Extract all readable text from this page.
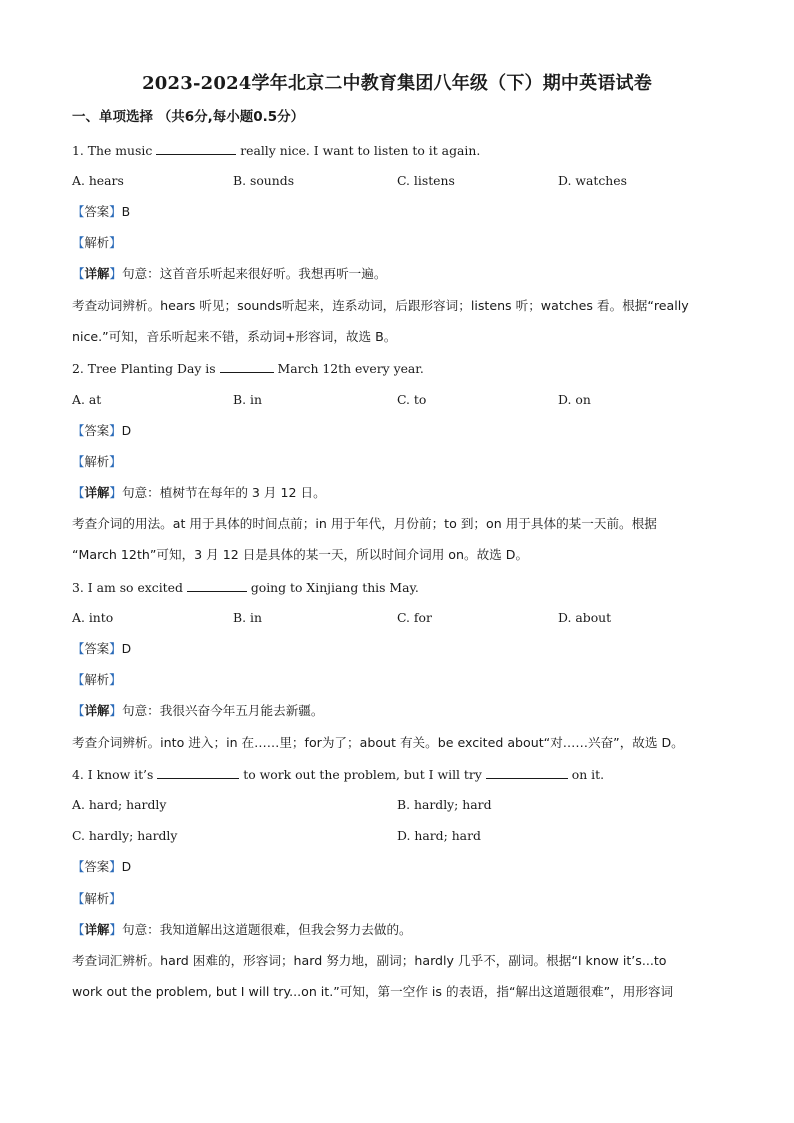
2023-2024学年北京二中教育集团八年级（下）期中英语试卷
一、单项选择 （共6分,每小题0.5分）
1. The music	really nice. I want to listen to it again.
A. hears	B. sounds	C. listens	D. watches
【答案】B
【解析】
【详解】句意：这首音乐听起来很好听。我想再听一遍。
考查动词辨析。hears 听见；sounds听起来，连系动词，后跟形容词；listens 听；watches 看。根据“really
nice.”可知，音乐听起来不错，系动词+形容词，故选 B。
2. Tree Planting Day is	March 12th every year.
A. at	B. in	C. to	D. on
【答案】D
【解析】
【详解】句意：植树节在每年的 3 月 12 日。
考查介词的用法。at 用于具体的时间点前；in 用于年代，月份前；to 到；on 用于具体的某一天前。根据
“March 12th”可知，3 月 12 日是具体的某一天，所以时间介词用 on。故选 D。
3. I am so excited	going to Xinjiang this May.
A. into	B. in	C. for	D. about
【答案】D
【解析】
【详解】句意：我很兴奋今年五月能去新疆。
考查介词辨析。into 进入；in 在……里；for为了；about 有关。be excited about“对……兴奋”，故选 D。
4. I know it’s	to work out the problem, but I will try	on it.
A. hard; hardly	B. hardly; hard
C. hardly; hardly	D. hard; hard
【答案】D
【解析】
【详解】句意：我知道解出这道题很难，但我会努力去做的。
考查词汇辨析。hard 困难的，形容词；hard 努力地，副词；hardly 几乎不，副词。根据“I know it’s...to
work out the problem, but I will try...on it.”可知，第一空作 is 的表语，指“解出这道题很难”，用形容词
